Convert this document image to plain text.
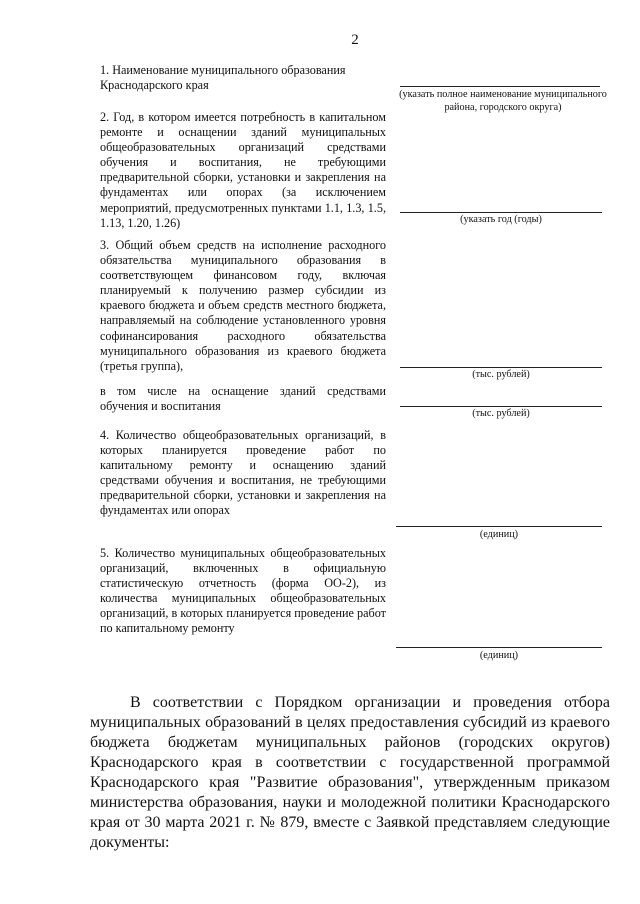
2

1. Наименование муниципального образования Краснодарского края

(указать полное наименование муниципального района, городского округа)

2. Год, в котором имеется потребность в капитальном ремонте и оснащении зданий муниципальных общеобразовательных организаций средствами обучения и воспитания, не требующими предварительной сборки, установки и закрепления на фундаментах или опорах (за исключением мероприятий, предусмотренных пунктами 1.1, 1.3, 1.5, 1.13, 1.20, 1.26)	(указать год (годы)

3. Общий объем средств на исполнение расходного обязательства муниципального образования в соответствующем финансовом году, включая планируемый к получению размер субсидии из краевого бюджета и объем средств местного бюджета, направляемый на соблюдение установленного уровня софинансирования расходного обязательства муниципального образования из краевого бюджета (третья группа),

(тыс. рублей)

в том числе на оснащение зданий средствами обучения и воспитания

(тыс. рублей)

4. Количество общеобразовательных организаций, в которых планируется проведение работ по капитальному ремонту и оснащению зданий средствами обучения и воспитания, не требующими предварительной сборки, установки и закрепления на фундаментах или опорах

(единиц)

5. Количество муниципальных общеобразовательных организаций, включенных в официальную статистическую отчетность (форма ОО-2), из количества муниципальных общеобразовательных организаций, в которых планируется проведение работ по капитальному ремонту

(единиц)

В соответствии с Порядком организации и проведения отбора муниципальных образований в целях предоставления субсидий из краевого бюджета бюджетам муниципальных районов (городских округов) Краснодарского края в соответствии с государственной программой Краснодарского края "Развитие образования", утвержденным приказом министерства образования, науки и молодежной политики Краснодарского края от 30 марта 2021 г. № 879, вместе с Заявкой представляем следующие документы:
